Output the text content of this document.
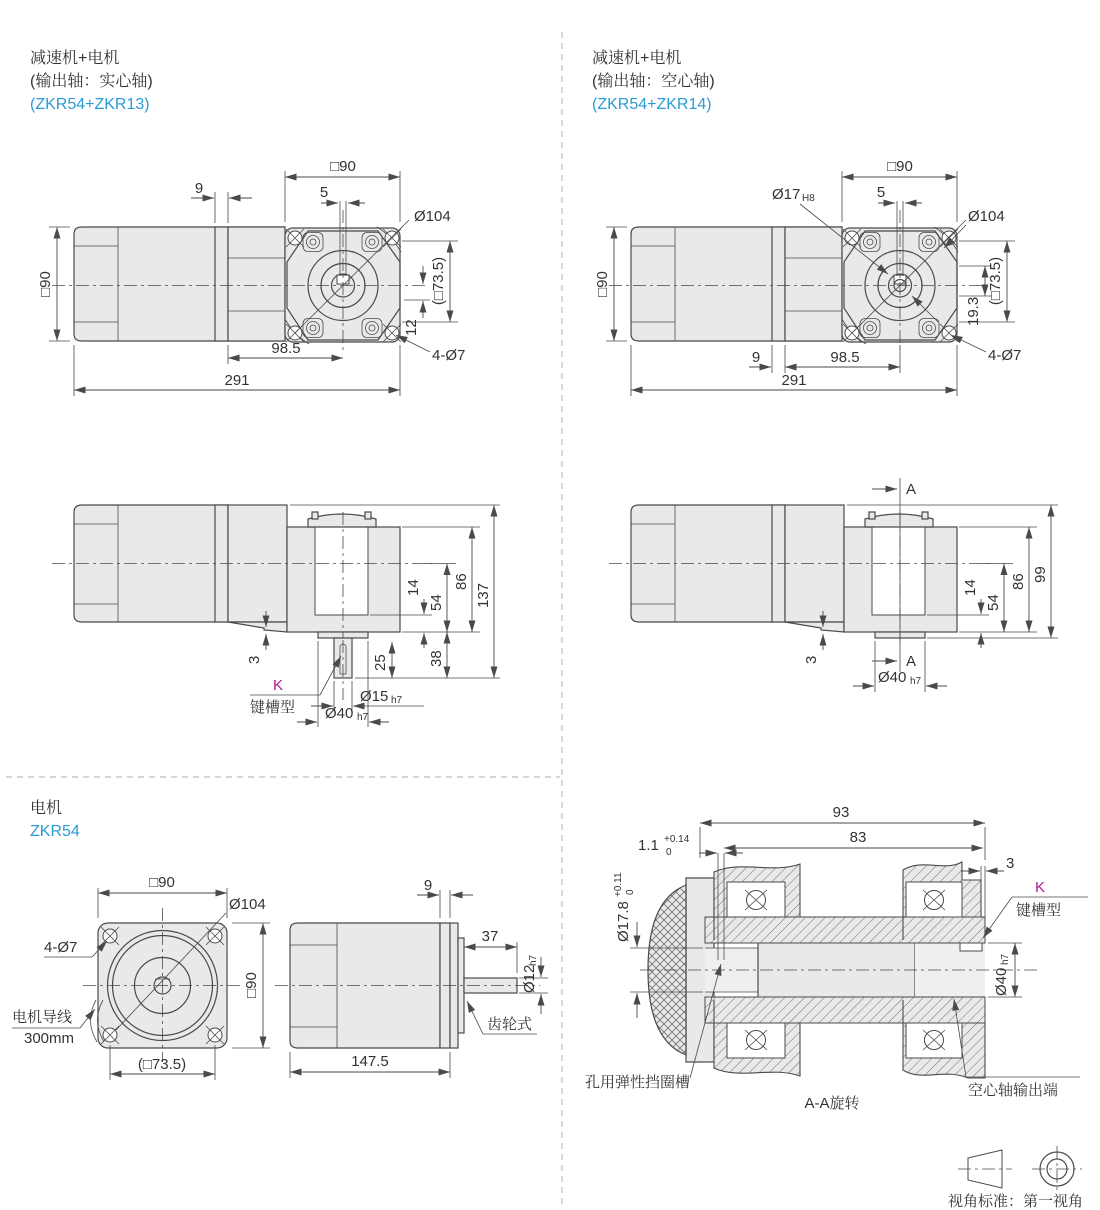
减速机+电机
(输出轴：实心轴)
(ZKR54+ZKR13)
减速机+电机
(输出轴：空心轴)
(ZKR54+ZKR14)
电机
ZKR54
□90
9	5
Ø104
□90	(□73.5)
12
98.5
291
4-Ø7
□90
Ø17 H8	5
Ø104
□90	(□73.5)
19.3
9	98.5
291
4-Ø7
14
54
86
137
38
25
3
K
键槽型
Ø15 h7
Ø40 h7
A
A
14
54
86 99
3
Ø40 h7
Ø104
4-Ø7
电机导线
300mm
□90
(□73.5)
□90
9
37
Ø12
h7
齿轮式
147.5
93
83
1.1 +0.14
0
Ø17.8
+0.11 0
3
K
键槽型
Ø40
h7
孔用弹性挡圈槽	空心轴输出端
A-A旋转
视角标准：第一视角
